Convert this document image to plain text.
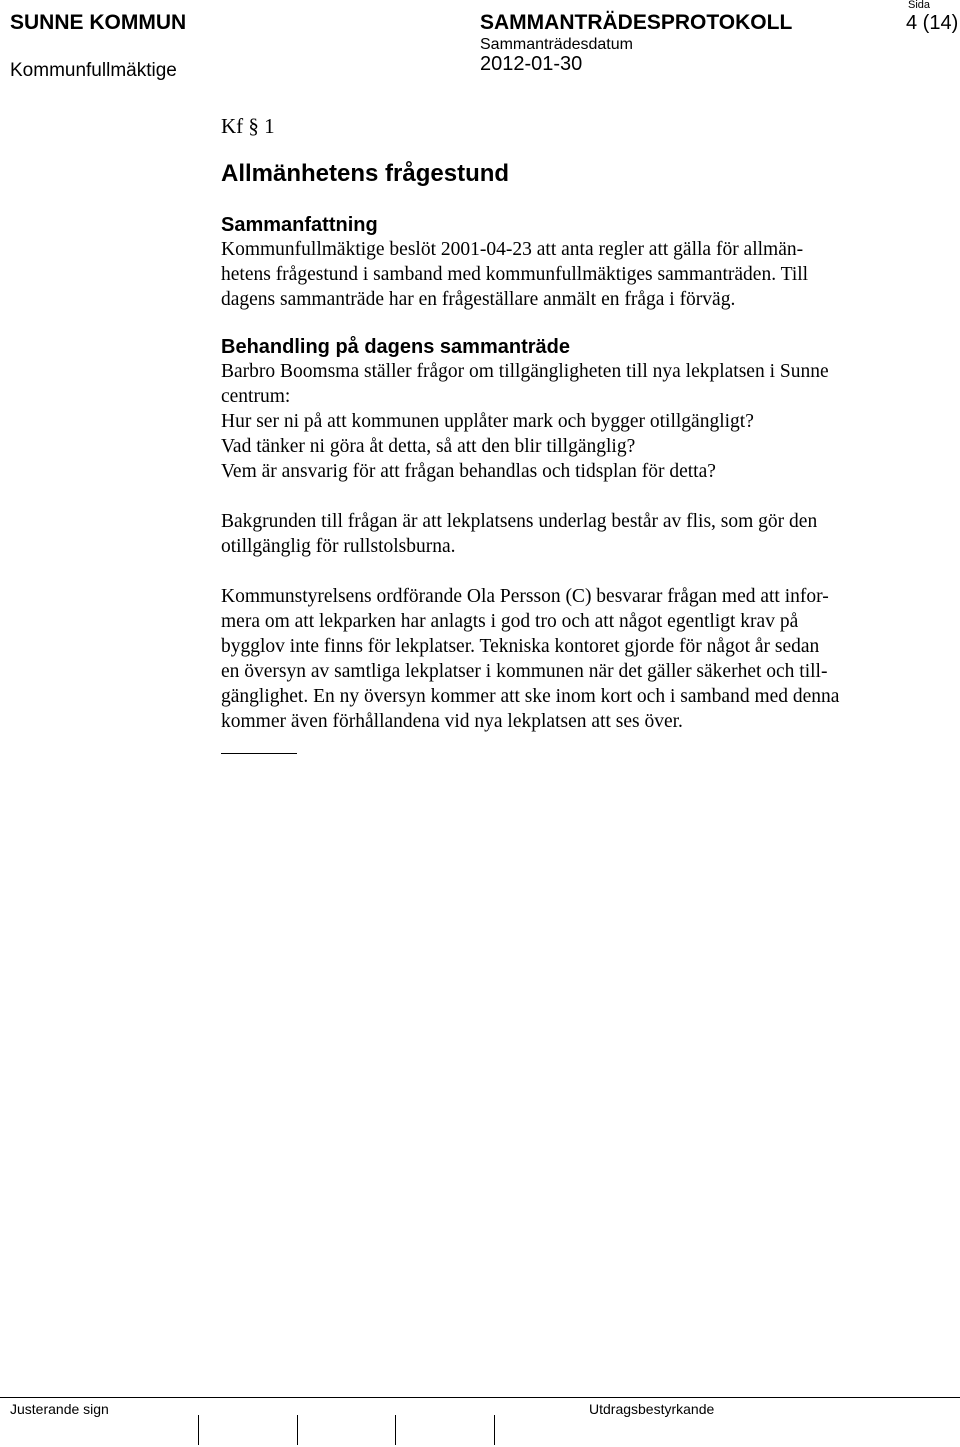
SUNNE KOMMUN	SAMMANTRÄDESPROTOKOLL
Sida
4 (14)
Kommunfullmäktige
Sammanträdesdatum
2012-01-30
Kf § 1
Allmänhetens frågestund

Sammanfattning

Kommunfullmäktige beslöt 2001-04-23 att anta regler att gälla för allmän-

hetens frågestund i samband med kommunfullmäktiges sammanträden. Till

dagens sammanträde har en frågeställare anmält en fråga i förväg.

Behandling på dagens sammanträde

Barbro Boomsma ställer frågor om tillgängligheten till nya lekplatsen i Sunne

centrum:

Hur ser ni på att kommunen upplåter mark och bygger otillgängligt?

Vad tänker ni göra åt detta, så att den blir tillgänglig?

Vem är ansvarig för att frågan behandlas och tidsplan för detta?

Bakgrunden till frågan är att lekplatsens underlag består av flis, som gör den

otillgänglig för rullstolsburna.

Kommunstyrelsens ordförande Ola Persson (C) besvarar frågan med att infor-

mera om att lekparken har anlagts i god tro och att något egentligt krav på

bygglov inte finns för lekplatser. Tekniska kontoret gjorde för något år sedan

en översyn av samtliga lekplatser i kommunen när det gäller säkerhet och till-

gänglighet. En ny översyn kommer att ske inom kort och i samband med denna

kommer även förhållandena vid nya lekplatsen att ses över.

Justerande sign	Utdragsbestyrkande
